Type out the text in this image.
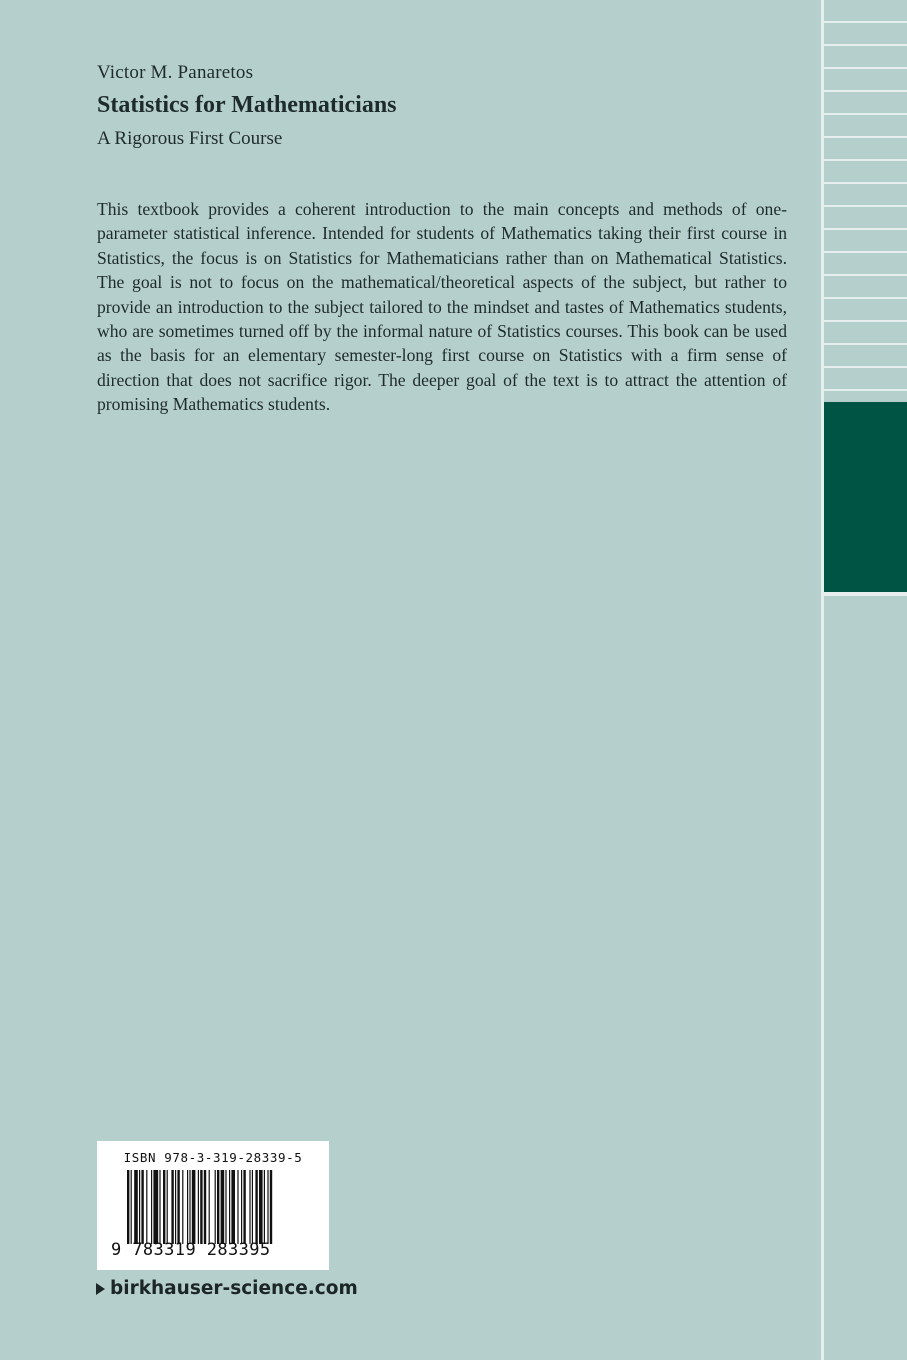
Victor M. Panaretos
Statistics for Mathematicians
A Rigorous First Course

This textbook provides a coherent introduction to the main concepts and methods of one-parameter statistical inference. Intended for students of Mathematics taking their first course in Statistics, the focus is on Statistics for Mathematicians rather than on Mathematical Statistics. The goal is not to focus on the mathematical/theoretical aspects of the subject, but rather to provide an introduction to the subject tailored to the mindset and tastes of Mathematics students, who are sometimes turned off by the informal nature of Statistics courses. This book can be used as the basis for an elementary semester-long first course on Statistics with a firm sense of direction that does not sacrifice rigor. The deeper goal of the text is to attract the attention of promising Mathematics students.

ISBN 978-3-319-28339-5
9 783319 283395
birkhauser-science.com
